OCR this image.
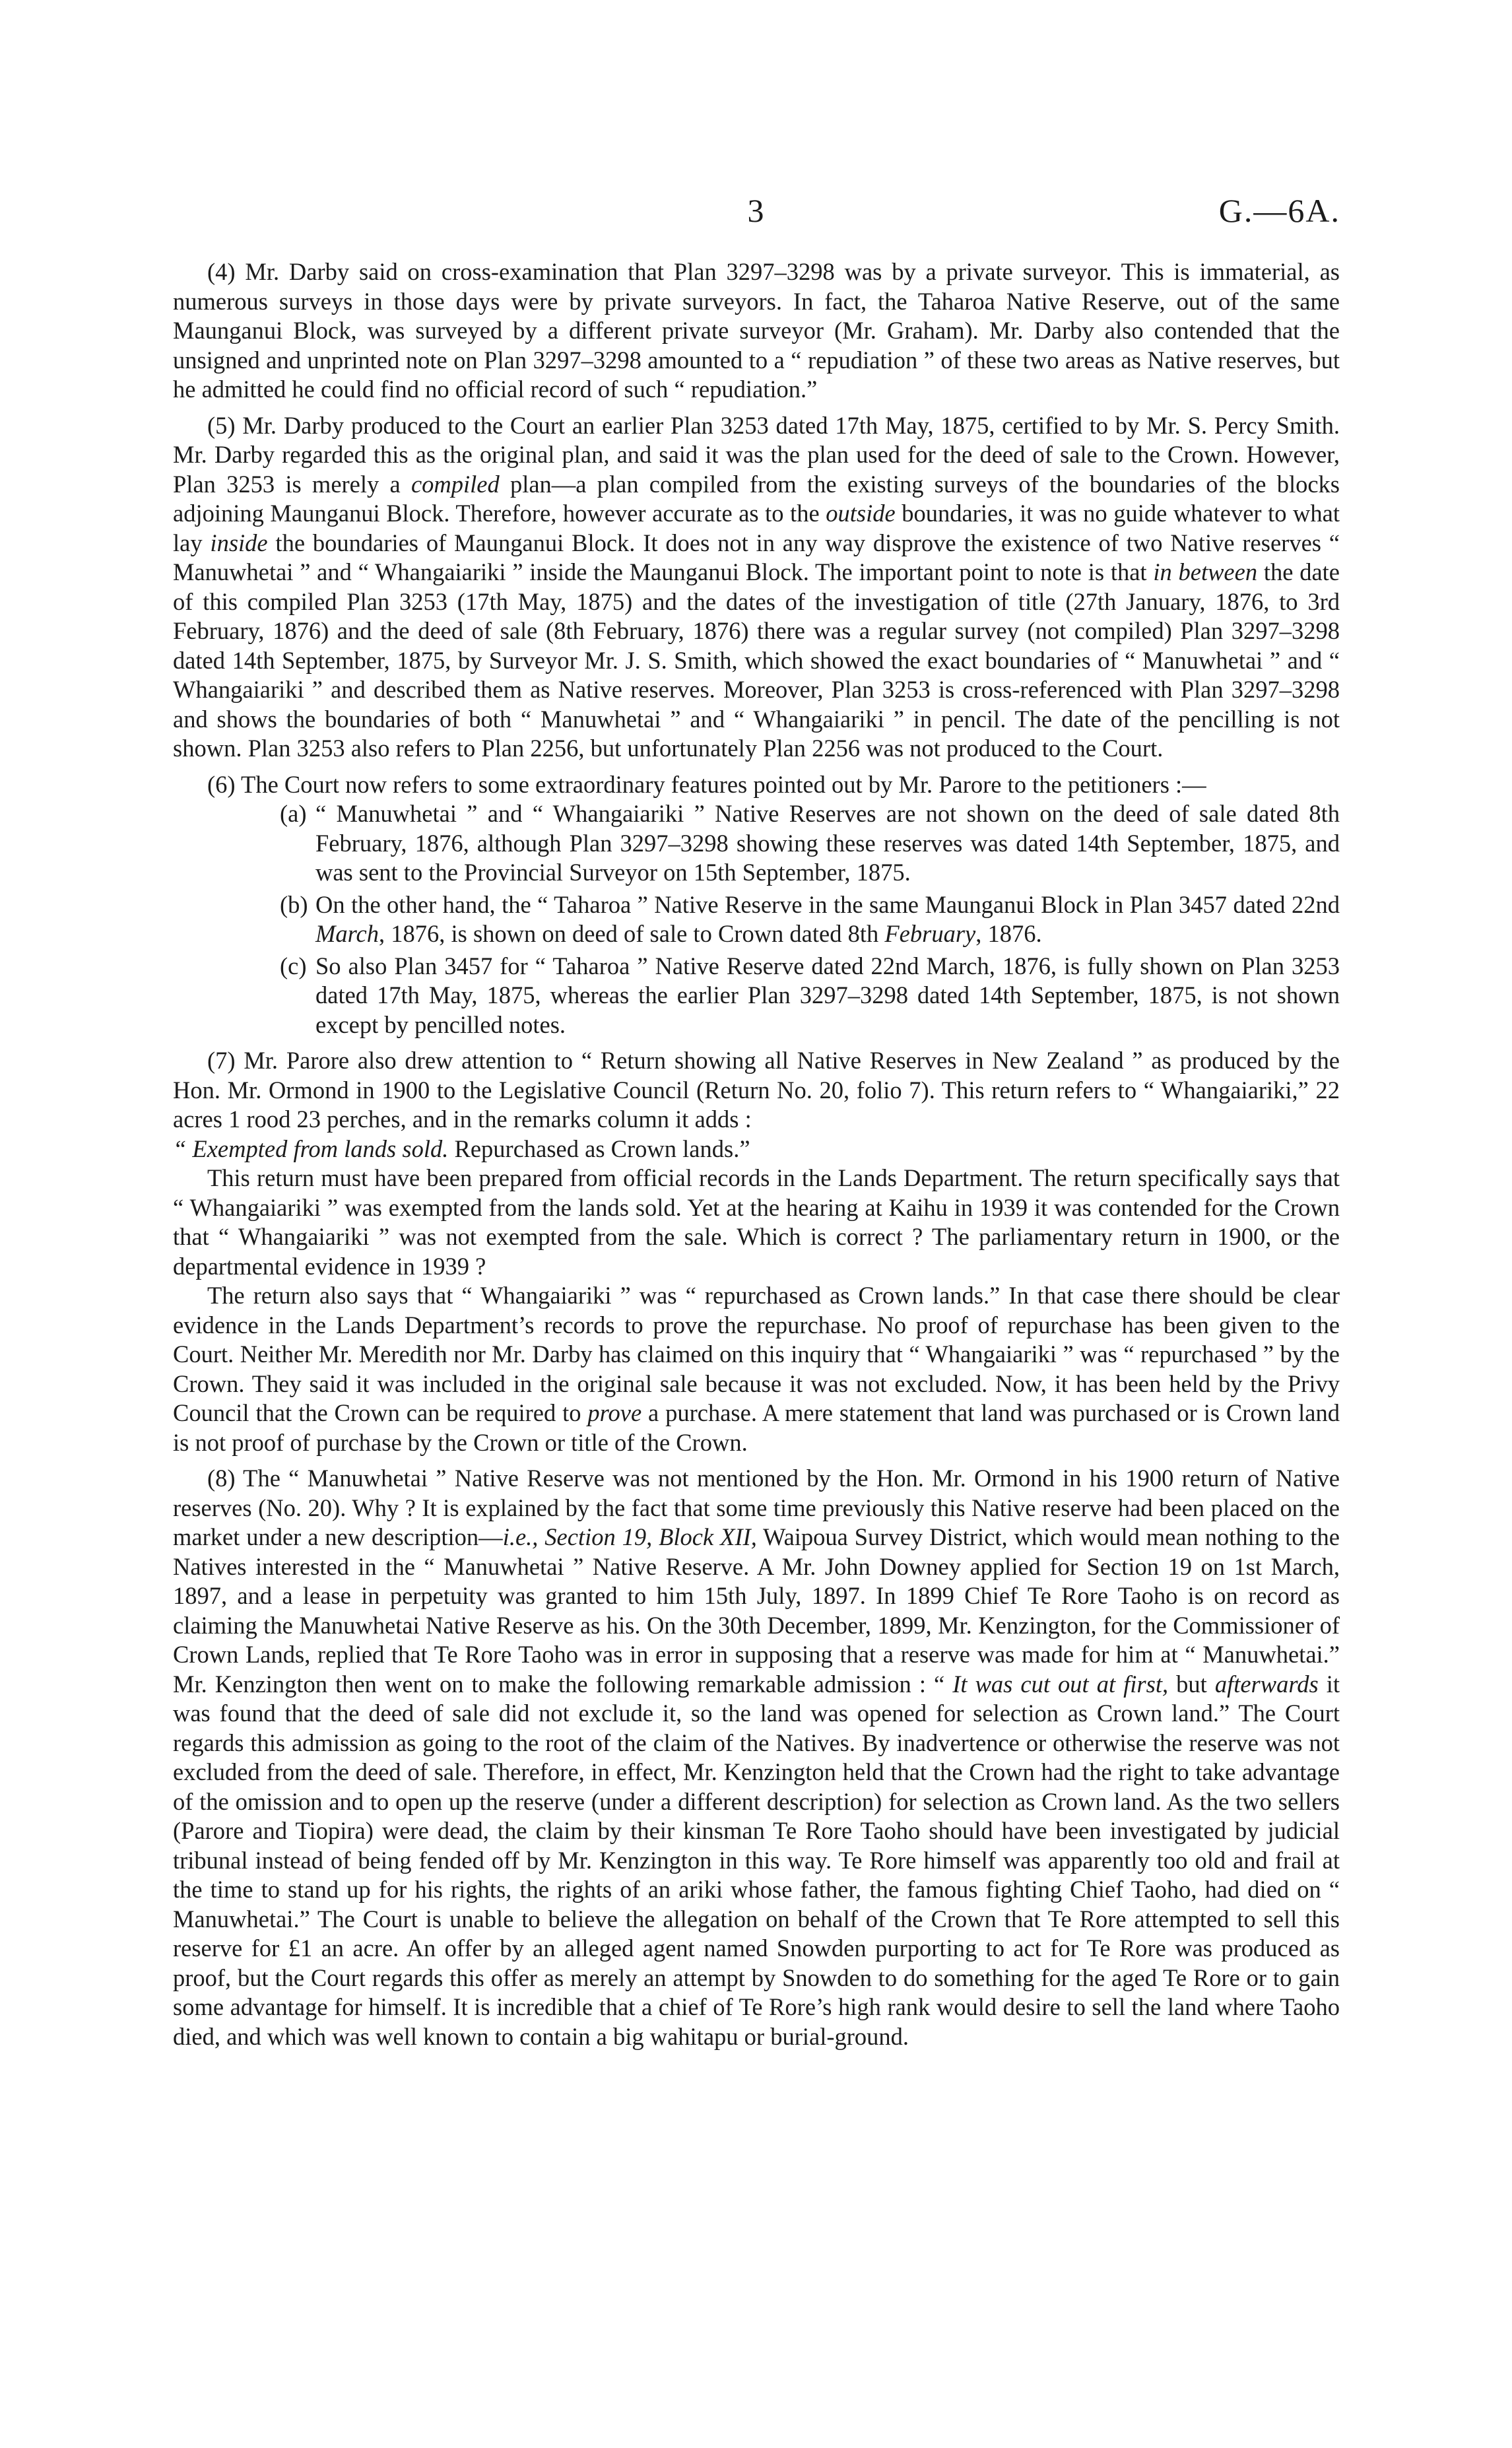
3	G.—6A.

(4) Mr. Darby said on cross-examination that Plan 3297–3298 was by a private surveyor. This is immaterial, as numerous surveys in those days were by private surveyors. In fact, the Taharoa Native Reserve, out of the same Maunganui Block, was surveyed by a different private surveyor (Mr. Graham). Mr. Darby also contended that the unsigned and unprinted note on Plan 3297–3298 amounted to a “ repudiation ” of these two areas as Native reserves, but he admitted he could find no official record of such “ repudiation.”

(5) Mr. Darby produced to the Court an earlier Plan 3253 dated 17th May, 1875, certified to by Mr. S. Percy Smith. Mr. Darby regarded this as the original plan, and said it was the plan used for the deed of sale to the Crown. However, Plan 3253 is merely a compiled plan—a plan compiled from the existing surveys of the boundaries of the blocks adjoining Maunganui Block. Therefore, however accurate as to the outside boundaries, it was no guide whatever to what lay inside the boundaries of Maunganui Block. It does not in any way disprove the existence of two Native reserves “ Manuwhetai ” and “ Whangaiariki ” inside the Maunganui Block. The important point to note is that in between the date of this compiled Plan 3253 (17th May, 1875) and the dates of the investigation of title (27th January, 1876, to 3rd February, 1876) and the deed of sale (8th February, 1876) there was a regular survey (not compiled) Plan 3297–3298 dated 14th September, 1875, by Surveyor Mr. J. S. Smith, which showed the exact boundaries of “ Manuwhetai ” and “ Whangaiariki ” and described them as Native reserves. Moreover, Plan 3253 is cross-referenced with Plan 3297–3298 and shows the boundaries of both “ Manuwhetai ” and “ Whangaiariki ” in pencil. The date of the pencilling is not shown. Plan 3253 also refers to Plan 2256, but unfortunately Plan 2256 was not produced to the Court.

(6) The Court now refers to some extraordinary features pointed out by Mr. Parore to the petitioners :—

(a) “ Manuwhetai ” and “ Whangaiariki ” Native Reserves are not shown on the deed of sale dated 8th February, 1876, although Plan 3297–3298 showing these reserves was dated 14th September, 1875, and was sent to the Provincial Surveyor on 15th September, 1875.

(b) On the other hand, the “ Taharoa ” Native Reserve in the same Maunganui Block in Plan 3457 dated 22nd March, 1876, is shown on deed of sale to Crown dated 8th February, 1876.

(c) So also Plan 3457 for “ Taharoa ” Native Reserve dated 22nd March, 1876, is fully shown on Plan 3253 dated 17th May, 1875, whereas the earlier Plan 3297–3298 dated 14th September, 1875, is not shown except by pencilled notes.

(7) Mr. Parore also drew attention to “ Return showing all Native Reserves in New Zealand ” as produced by the Hon. Mr. Ormond in 1900 to the Legislative Council (Return No. 20, folio 7). This return refers to “ Whangaiariki,” 22 acres 1 rood 23 perches, and in the remarks column it adds :
“ Exempted from lands sold. Repurchased as Crown lands.”

This return must have been prepared from official records in the Lands Department. The return specifically says that “ Whangaiariki ” was exempted from the lands sold. Yet at the hearing at Kaihu in 1939 it was contended for the Crown that “ Whangaiariki ” was not exempted from the sale. Which is correct ? The parliamentary return in 1900, or the departmental evidence in 1939 ?

The return also says that “ Whangaiariki ” was “ repurchased as Crown lands.” In that case there should be clear evidence in the Lands Department’s records to prove the repurchase. No proof of repurchase has been given to the Court. Neither Mr. Meredith nor Mr. Darby has claimed on this inquiry that “ Whangaiariki ” was “ repurchased ” by the Crown. They said it was included in the original sale because it was not excluded. Now, it has been held by the Privy Council that the Crown can be required to prove a purchase. A mere statement that land was purchased or is Crown land is not proof of purchase by the Crown or title of the Crown.

(8) The “ Manuwhetai ” Native Reserve was not mentioned by the Hon. Mr. Ormond in his 1900 return of Native reserves (No. 20). Why ? It is explained by the fact that some time previously this Native reserve had been placed on the market under a new description—i.e., Section 19, Block XII, Waipoua Survey District, which would mean nothing to the Natives interested in the “ Manuwhetai ” Native Reserve. A Mr. John Downey applied for Section 19 on 1st March, 1897, and a lease in perpetuity was granted to him 15th July, 1897. In 1899 Chief Te Rore Taoho is on record as claiming the Manuwhetai Native Reserve as his. On the 30th December, 1899, Mr. Kenzington, for the Commissioner of Crown Lands, replied that Te Rore Taoho was in error in supposing that a reserve was made for him at “ Manuwhetai.” Mr. Kenzington then went on to make the following remarkable admission : “ It was cut out at first, but afterwards it was found that the deed of sale did not exclude it, so the land was opened for selection as Crown land.” The Court regards this admission as going to the root of the claim of the Natives. By inadvertence or otherwise the reserve was not excluded from the deed of sale. Therefore, in effect, Mr. Kenzington held that the Crown had the right to take advantage of the omission and to open up the reserve (under a different description) for selection as Crown land. As the two sellers (Parore and Tiopira) were dead, the claim by their kinsman Te Rore Taoho should have been investigated by judicial tribunal instead of being fended off by Mr. Kenzington in this way. Te Rore himself was apparently too old and frail at the time to stand up for his rights, the rights of an ariki whose father, the famous fighting Chief Taoho, had died on “ Manuwhetai.” The Court is unable to believe the allegation on behalf of the Crown that Te Rore attempted to sell this reserve for £1 an acre. An offer by an alleged agent named Snowden purporting to act for Te Rore was produced as proof, but the Court regards this offer as merely an attempt by Snowden to do something for the aged Te Rore or to gain some advantage for himself. It is incredible that a chief of Te Rore’s high rank would desire to sell the land where Taoho died, and which was well known to contain a big wahitapu or burial-ground.
